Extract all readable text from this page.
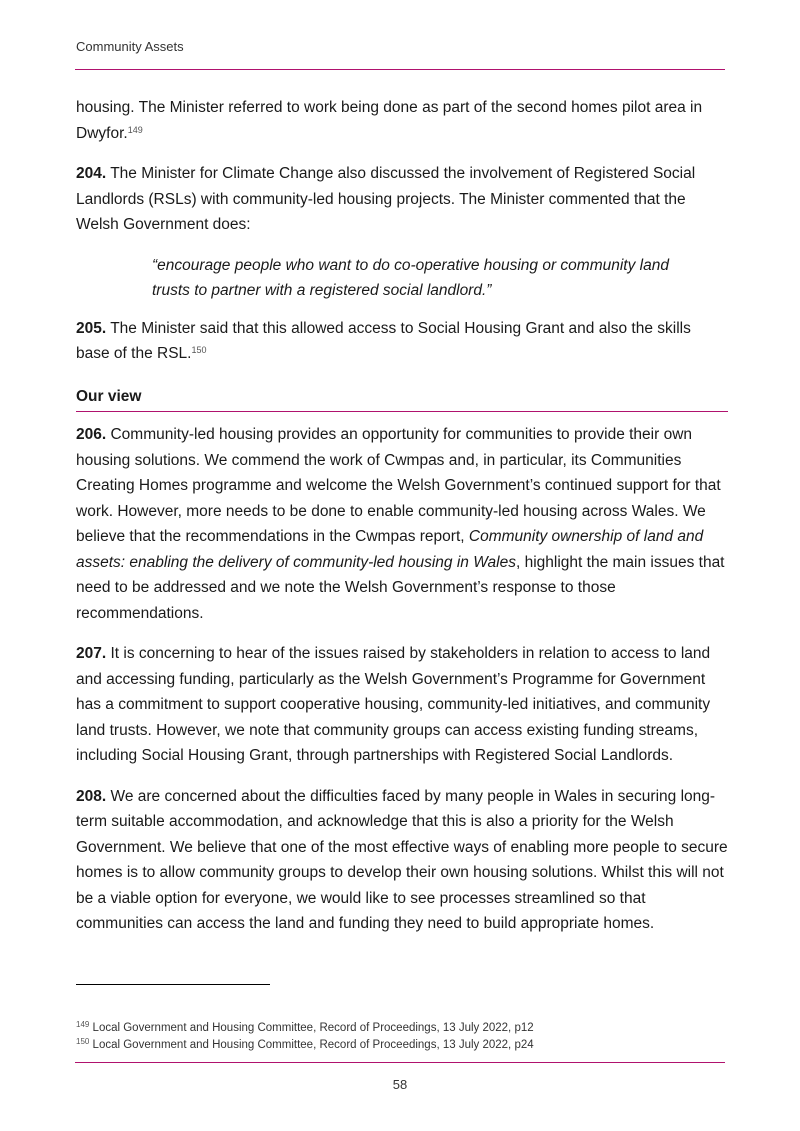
Community Assets

housing. The Minister referred to work being done as part of the second homes pilot area in Dwyfor.$^{149}$

204. The Minister for Climate Change also discussed the involvement of Registered Social Landlords (RSLs) with community-led housing projects. The Minister commented that the Welsh Government does:

“encourage people who want to do co-operative housing or community land trusts to partner with a registered social landlord.”

205. The Minister said that this allowed access to Social Housing Grant and also the skills base of the RSL.$^{150}$

Our view

206. Community-led housing provides an opportunity for communities to provide their own housing solutions. We commend the work of Cwmpas and, in particular, its Communities Creating Homes programme and welcome the Welsh Government’s continued support for that work. However, more needs to be done to enable community-led housing across Wales. We believe that the recommendations in the Cwmpas report, Community ownership of land and assets: enabling the delivery of community-led housing in Wales, highlight the main issues that need to be addressed and we note the Welsh Government’s response to those recommendations.

207. It is concerning to hear of the issues raised by stakeholders in relation to access to land and accessing funding, particularly as the Welsh Government’s Programme for Government has a commitment to support cooperative housing, community-led initiatives, and community land trusts. However, we note that community groups can access existing funding streams, including Social Housing Grant, through partnerships with Registered Social Landlords.

208. We are concerned about the difficulties faced by many people in Wales in securing long-term suitable accommodation, and acknowledge that this is also a priority for the Welsh Government. We believe that one of the most effective ways of enabling more people to secure homes is to allow community groups to develop their own housing solutions. Whilst this will not be a viable option for everyone, we would like to see processes streamlined so that communities can access the land and funding they need to build appropriate homes.

$^{149}$ Local Government and Housing Committee, Record of Proceedings, 13 July 2022, p12
$^{150}$ Local Government and Housing Committee, Record of Proceedings, 13 July 2022, p24
58
